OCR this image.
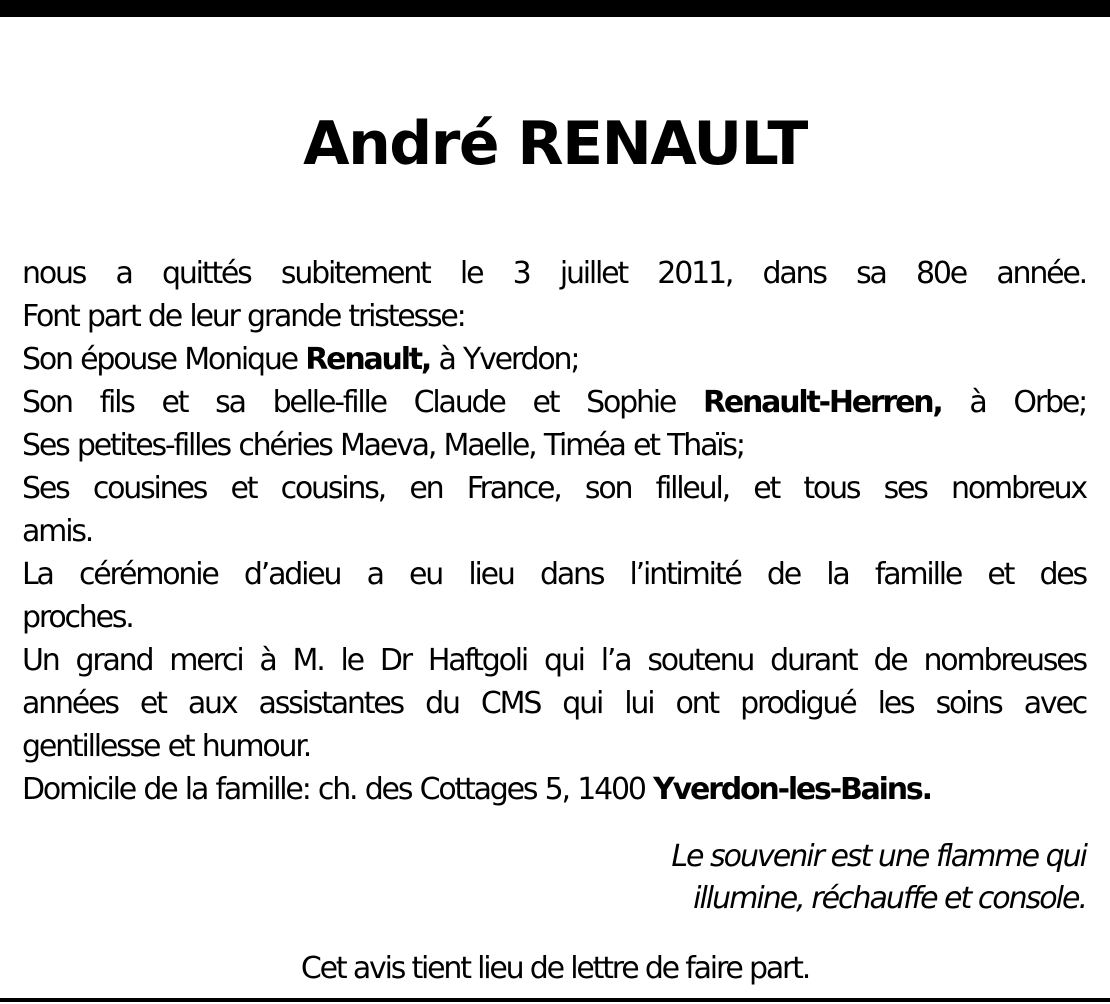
André RENAULT
nous a quittés subitement le 3 juillet 2011, dans sa 80e année.
Font part de leur grande tristesse:
Son épouse Monique Renault, à Yverdon;
Son fils et sa belle-fille Claude et Sophie Renault-Herren, à Orbe;
Ses petites-filles chéries Maeva, Maelle, Timéa et Thaïs;
Ses cousines et cousins, en France, son filleul, et tous ses nombreux
amis.
La cérémonie d’adieu a eu lieu dans l’intimité de la famille et des
proches.
Un grand merci à M. le Dr Haftgoli qui l’a soutenu durant de nombreuses
années et aux assistantes du CMS qui lui ont prodigué les soins avec
gentillesse et humour.
Domicile de la famille: ch. des Cottages 5, 1400 Yverdon-les-Bains.
Le souvenir est une flamme qui
illumine, réchauffe et console.
Cet avis tient lieu de lettre de faire part.
